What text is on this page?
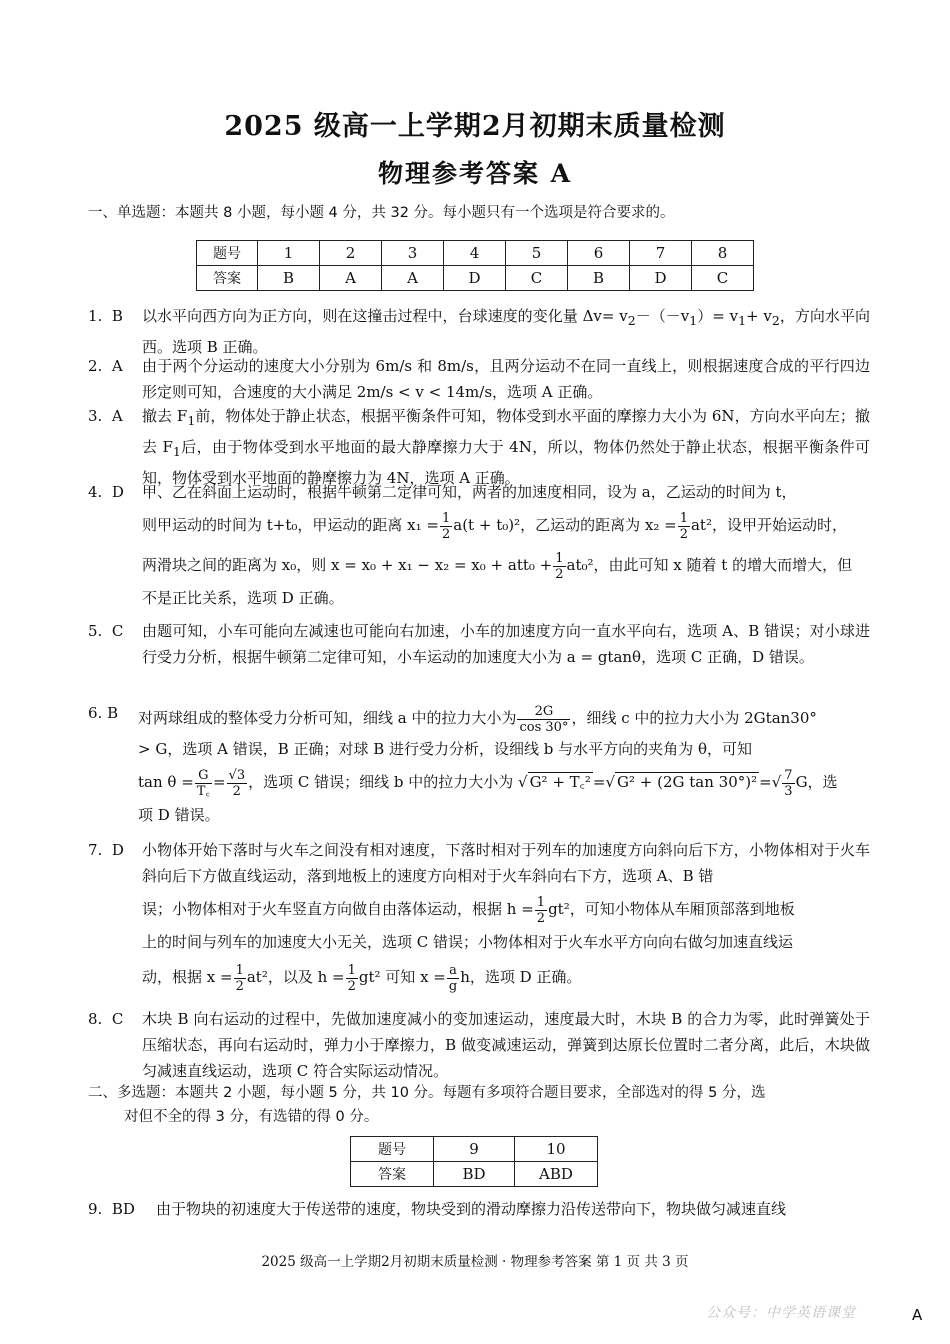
2025 级高一上学期2月初期末质量检测
物理参考答案 A
一、单选题：本题共 8 小题，每小题 4 分，共 32 分。每小题只有一个选项是符合要求的。
题号	1	2	3	4	5	6	7	8
答案	B	A	A	D	C	B	D	C
1. B 以水平向西方向为正方向，则在这撞击过程中，台球速度的变化量 $\Delta v= v_2-(-v_1)= v_1+ v_2$，方向水平向西。选项 B 正确。
2. A 由于两个分运动的速度大小分别为 6m/s 和 8m/s，且两分运动不在同一直线上，则根据速度合成的平行四边形定则可知，合速度的大小满足 2m/s < v < 14m/s，选项 A 正确。
3. A 撤去 $F_1$前，物体处于静止状态，根据平衡条件可知，物体受到水平面的摩擦力大小为 6N，方向水平向左；撤去 $F_1$后，由于物体受到水平地面的最大静摩擦力大于 4N，所以，物体仍然处于静止状态，根据平衡条件可知，物体受到水平地面的静摩擦力为 4N，选项 A 正确。
4. D 甲、乙在斜面上运动时，根据牛顿第二定律可知，两者的加速度相同，设为 a，乙运动的时间为 t，
则甲运动的时间为 t+t₀，甲运动的距离 $x_1 = \frac{1}{2} a(t + t_0)^2$，乙运动的距离为 $x_2 = \frac{1}{2} at^2$，设甲开始运动时，
两滑块之间的距离为 x₀，则 $x = x_0 + x_1 - x_2 = x_0 + att_0 + \frac{1}{2} at_0^2$，由此可知 x 随着 t 的增大而增大，但
不是正比关系，选项 D 正确。
5. C 由题可知，小车可能向左减速也可能向右加速，小车的加速度方向一直水平向右，选项 A、B 错误；对小球进行受力分析，根据牛顿第二定律可知，小车运动的加速度大小为 a = gtanθ，选项 C 正确，D 错误。
6. B 对两球组成的整体受力分析可知，细线 a 中的拉力大小为 $\frac{2G}{\cos 30^\circ}$ ，细线 c 中的拉力大小为 2Gtan30°
> G，选项 A 错误，B 正确；对球 B 进行受力分析，设细线 b 与水平方向的夹角为 θ，可知
$\tan \theta = \frac{G}{T꜀} = \frac{√3}{2}$ ，选项 C 错误；细线 b 中的拉力大小为 √ G² + T꜀² =√ G² + (2G tan 30°)² =√ $\frac{7}{3}$ G，选
项 D 错误。
7. D 小物体开始下落时与火车之间没有相对速度，下落时相对于列车的加速度方向斜向后下方，小物体相对于火车斜向后下方做直线运动，落到地板上的速度方向相对于火车斜向右下方，选项 A、B 错
误；小物体相对于火车竖直方向做自由落体运动，根据 $h = \frac{1}{2} gt^2$，可知小物体从车厢顶部落到地板
上的时间与列车的加速度大小无关，选项 C 错误；小物体相对于火车水平方向向右做匀加速直线运
动，根据 $x = \frac{1}{2} at^2$，以及 $h = \frac{1}{2} gt^2$ 可知 $x = \frac{a}{g}$ h，选项 D 正确。
8. C 木块 B 向右运动的过程中，先做加速度减小的变加速运动，速度最大时，木块 B 的合力为零，此时弹簧处于压缩状态，再向右运动时，弹力小于摩擦力，B 做变减速运动，弹簧到达原长位置时二者分离，此后，木块做匀减速直线运动，选项 C 符合实际运动情况。
二、多选题：本题共 2 小题，每小题 5 分，共 10 分。每题有多项符合题目要求，全部选对的得 5 分，选
对但不全的得 3 分，有选错的得 0 分。
题号	9	10
答案	BD	ABD
9. BD 由于物块的初速度大于传送带的速度，物块受到的滑动摩擦力沿传送带向下，物块做匀减速直线
2025 级高一上学期2月初期末质量检测 · 物理参考答案 第 1 页 共 3 页
公众号：中学英语课堂	A
